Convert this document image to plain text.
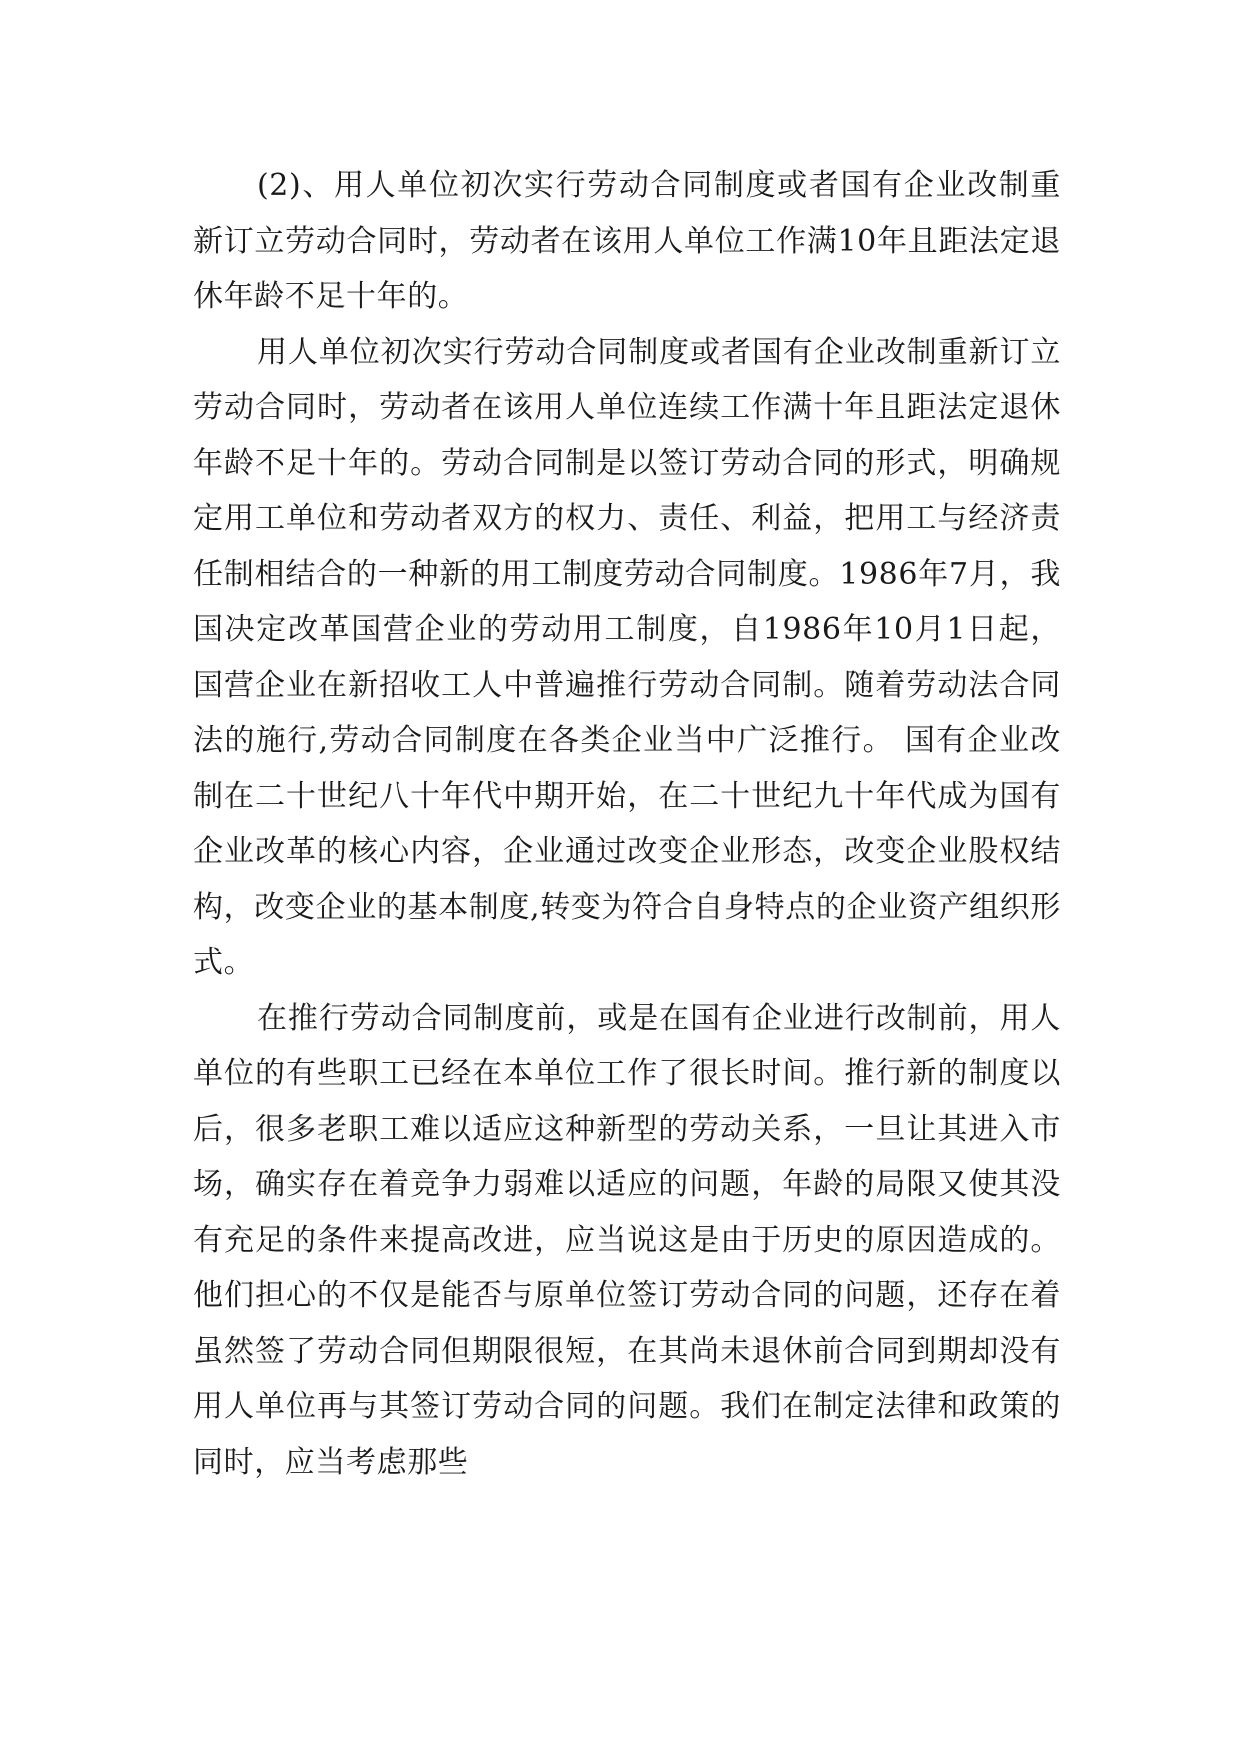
(2)、用人单位初次实行劳动合同制度或者国有企业改制重新订立劳动合同时，劳动者在该用人单位工作满10年且距法定退休年龄不足十年的。

用人单位初次实行劳动合同制度或者国有企业改制重新订立劳动合同时，劳动者在该用人单位连续工作满十年且距法定退休年龄不足十年的。劳动合同制是以签订劳动合同的形式，明确规定用工单位和劳动者双方的权力、责任、利益，把用工与经济责任制相结合的一种新的用工制度劳动合同制度。1986年7月，我国决定改革国营企业的劳动用工制度，自1986年10月1日起，国营企业在新招收工人中普遍推行劳动合同制。随着劳动法合同法的施行,劳动合同制度在各类企业当中广泛推行。 国有企业改制在二十世纪八十年代中期开始，在二十世纪九十年代成为国有企业改革的核心内容，企业通过改变企业形态，改变企业股权结构，改变企业的基本制度,转变为符合自身特点的企业资产组织形式。

在推行劳动合同制度前，或是在国有企业进行改制前，用人单位的有些职工已经在本单位工作了很长时间。推行新的制度以后，很多老职工难以适应这种新型的劳动关系，一旦让其进入市场，确实存在着竞争力弱难以适应的问题，年龄的局限又使其没有充足的条件来提高改进，应当说这是由于历史的原因造成的。他们担心的不仅是能否与原单位签订劳动合同的问题，还存在着虽然签了劳动合同但期限很短，在其尚未退休前合同到期却没有用人单位再与其签订劳动合同的问题。我们在制定法律和政策的同时，应当考虑那些
